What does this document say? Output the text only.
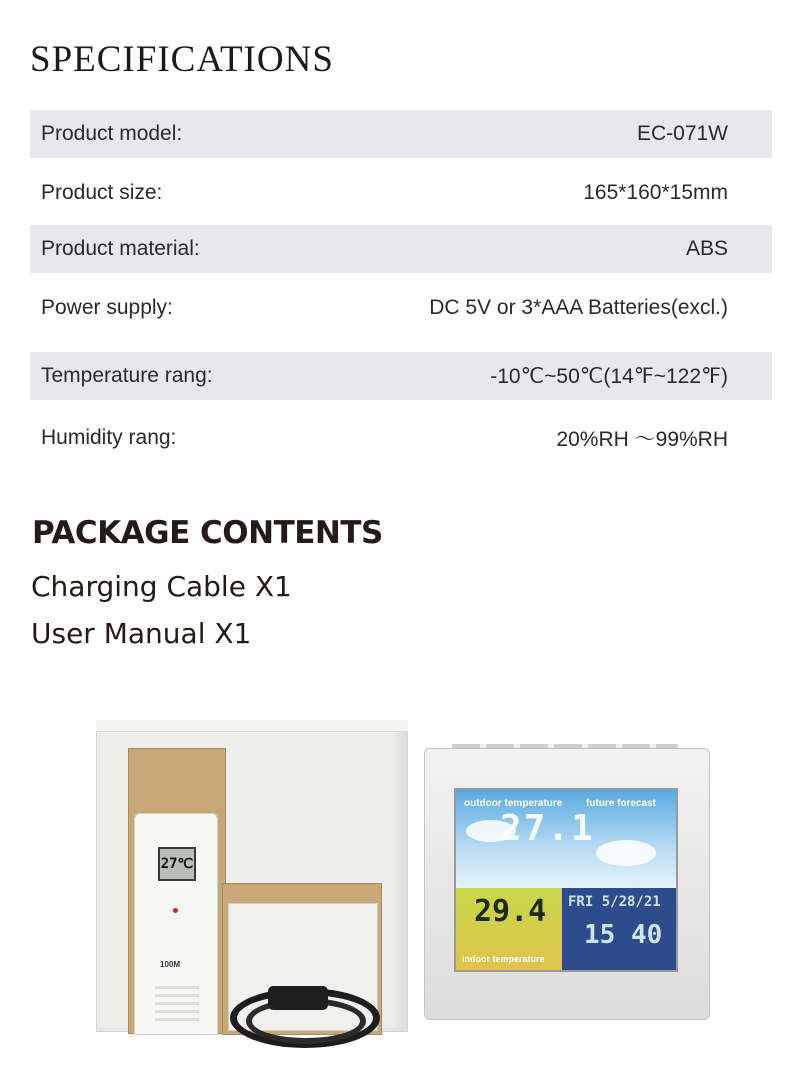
SPECIFICATIONS
Product model:	EC-071W
Product size:	165*160*15mm
Product material:	ABS
Power supply:	DC 5V or 3*AAA Batteries(excl.)
Temperature rang:	-10℃~50℃(14℉~122℉)
Humidity rang:	20%RH ～99%RH
PACKAGE CONTENTS
Charging Cable X1
User Manual X1
27℃
100M
outdoor temperature future forecast
27.1
29.4
indoor temperature
FRI 5/28/21
15 40
